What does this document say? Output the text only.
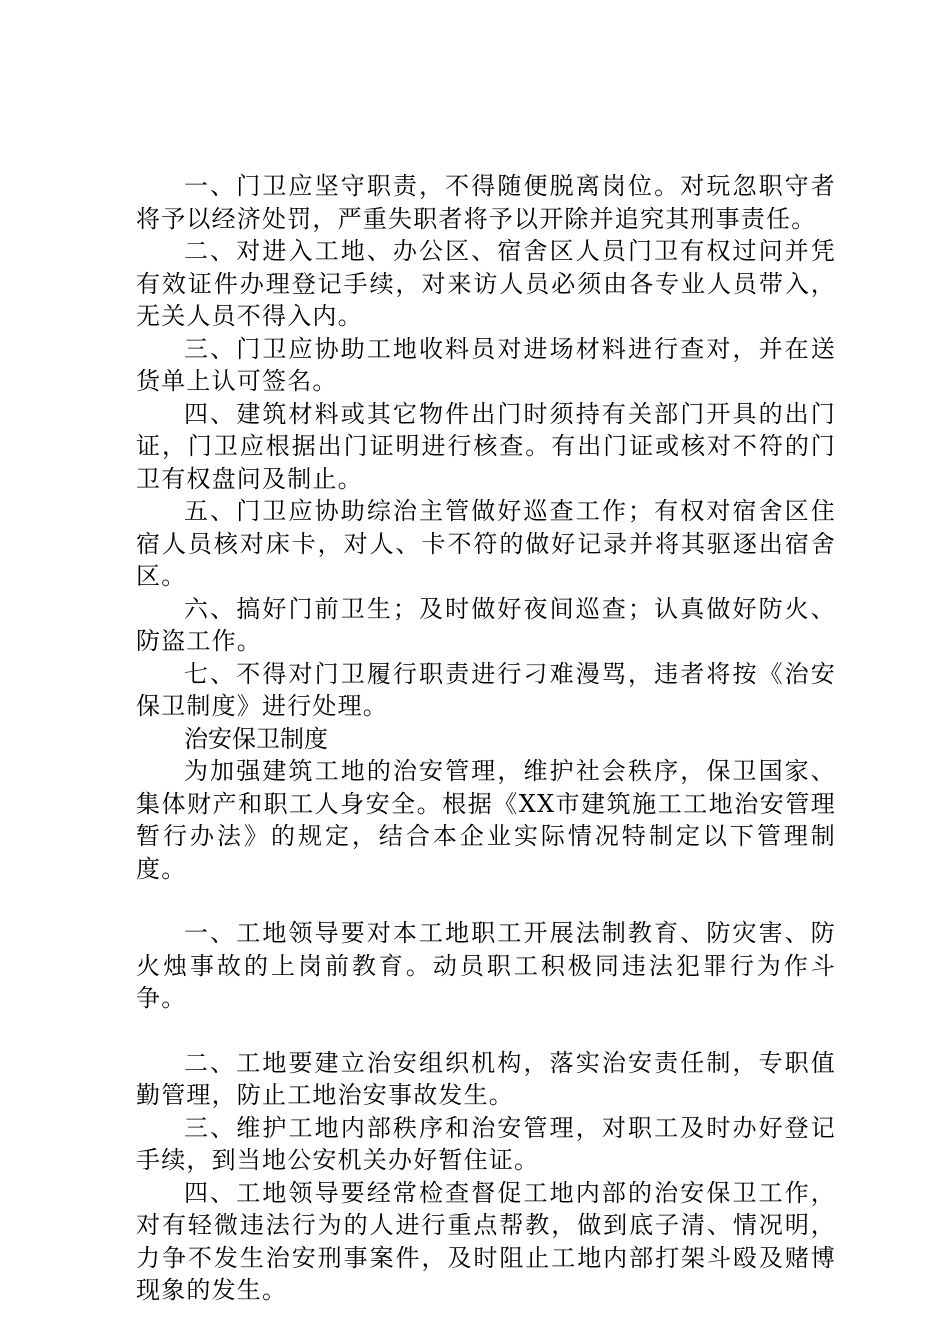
一、门卫应坚守职责，不得随便脱离岗位。对玩忽职守者将予以经济处罚，严重失职者将予以开除并追究其刑事责任。

二、对进入工地、办公区、宿舍区人员门卫有权过问并凭有效证件办理登记手续，对来访人员必须由各专业人员带入，无关人员不得入内。

三、门卫应协助工地收料员对进场材料进行查对，并在送货单上认可签名。

四、建筑材料或其它物件出门时须持有关部门开具的出门证，门卫应根据出门证明进行核查。有出门证或核对不符的门卫有权盘问及制止。

五、门卫应协助综治主管做好巡查工作；有权对宿舍区住宿人员核对床卡，对人、卡不符的做好记录并将其驱逐出宿舍区。

六、搞好门前卫生；及时做好夜间巡查；认真做好防火、防盗工作。

七、不得对门卫履行职责进行刁难漫骂，违者将按《治安保卫制度》进行处理。

治安保卫制度

为加强建筑工地的治安管理，维护社会秩序，保卫国家、集体财产和职工人身安全。根据《XX市建筑施工工地治安管理暂行办法》的规定，结合本企业实际情况特制定以下管理制度。

一、工地领导要对本工地职工开展法制教育、防灾害、防火烛事故的上岗前教育。动员职工积极同违法犯罪行为作斗争。

二、工地要建立治安组织机构，落实治安责任制，专职值勤管理，防止工地治安事故发生。

三、维护工地内部秩序和治安管理，对职工及时办好登记手续，到当地公安机关办好暂住证。

四、工地领导要经常检查督促工地内部的治安保卫工作，对有轻微违法行为的人进行重点帮教，做到底子清、情况明，力争不发生治安刑事案件，及时阻止工地内部打架斗殴及赌博现象的发生。
